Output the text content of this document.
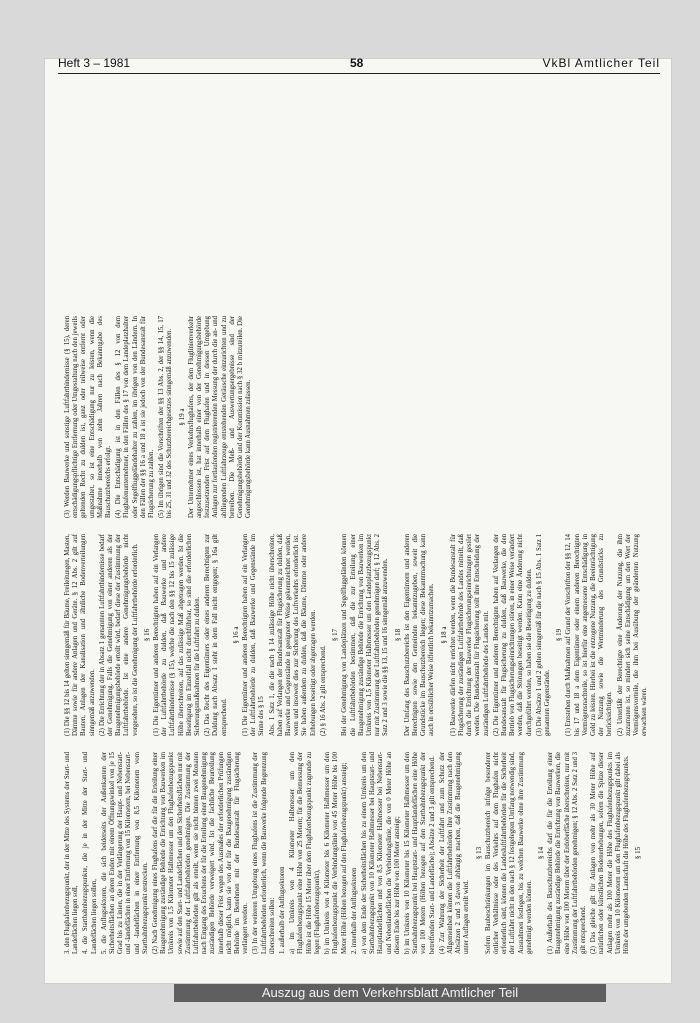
Heft 3 – 1981	58	VkBl Amtlicher Teil

3. den Flughafenbezugspunkt, der in der Mitte des Systems der Start- und Landeflächen liegen soll, 4. die Startbahnbezugspunkte, die je in der Mitte der Start- und Landeflächen liegen sollen, 5. die Anflugsektoren, die sich beiderseits der Außenkanten der Sicherheitsflächen an deren Enden mit einem Öffnungswinkel von je 15 Grad bis zu Linien, die in der Verlängerung der Haupt- und Nebenstart- und -landeflächen in einer Entfernung von 15 Kilometern, bei Nebenstart- und -landeflächen in einer Entfernung von 8,5 Kilometern vom Startbahnbezugspunkt erstrecken. (2) Nach Genehmigung eines Flughafens darf die für die Erteilung einer Baugenehmigung zuständige Behörde die Errichtung von Bauwerken im Umkreis von 1,5 Kilometer Halbmesser um den Flughafenbezugspunkt sowie auf den Start- und Landeflächen und den Sicherheitsflächen nur mit Zustimmung der Luftfahrtbehörden genehmigen. Die Zustimmung der Luftfahrtbehörden gilt als erteilt, wenn sie nicht binnen zwei Monaten nach Eingang des Ersuchens der für die Erteilung einer Baugenehmigung zuständigen Behörde verweigert wird. Ist die fachliche Beurteilung innerhalb dieser Frist wegen des Ausmaßes der erforderlichen Prüfungen nicht möglich, kann sie von der für die Baugenehmigung zuständigen Behörde im Benehmen mit der Bundesanstalt für Flugsicherung verlängert werden. (3) In der weiteren Umgebung eines Flughafens ist die Zustimmung der Luftfahrtbehörden erforderlich, wenn die Bauwerke folgende Begrenzung überschreiten sollen: 1. außerhalb der Anflugsektoren a) im Umkreis von 4 Kilometer Halbmesser um den Flughafenbezugspunkt eine Höhe von 25 Metern; für die Bemessung der Höhe ist die Höhe 15 Meter über dem Flughafenbezugspunkt zugrunde zu legen (Flughafenbezugspunkt), b) im Umkreis von 4 Kilometer bis 6 Kilometer Halbmesser um den Flughafenbezugspunkt die Verbindungslinie von 45 Meter Höhe bis 100 Meter Höhe (Höhen bezogen auf den Flughafenbezugspunkt) ansteigt; 2. innerhalb der Anflugsektoren a) von dem Ende der Sicherheitsflächen bis zu einem Umkreis um den Startbahnbezugspunkt von 10 Kilometer Halbmesser bei Hauptstart- und Hauptlandeflächen und von 8,5 Kilometer Halbmesser bei Nebenstart- und Nebenlandeflächen die Verbindungslinie, die von 0 Meter Höhe an diesem Ende bis zur Höhe von 100 Meter ansteigt; b) im Umkreis von 10 Kilometer bis 15 Kilometer Halbmesser um den Startbahnbezugspunkt bei Hauptstart- und Hauptlandeflächen eine Höhe von 100 Metern (Höhen bezogen auf den Startbahnbezugspunkt der betreffenden Start- und Landefläche); Absätze 2 und 3 gilt entsprechend. (4) Zur Wahrung der Sicherheit der Luftfahrt und zum Schutz der Allgemeinheit können die Luftfahrtbehörden ihre Zustimmung nach den Absätzen 2 und 3 davon abhängig machen, daß die Baugenehmigung unter Auflagen erteilt wird.

§ 13 Sofern Baubeschränkungen im Bauschutzbereich infolge besonderer örtlicher Verhältnisse oder des Verkehrs auf dem Flughafen nicht erforderlich sind, können die Landesluftfahrtbehörden für die Sicherheit der Luftfahrt nicht in den nach § 12 festgelegten Umfang notwendig sind, Ausnahmen festlegen, bis zu welchen Bauwerke ohne ihre Zustimmung genehmigt werden können.

§ 14 (1) Außerhalb des Bauschutzbereichs darf die für die Erteilung einer Baugenehmigung zuständige Behörde die Errichtung von Bauwerken, die eine Höhe von 100 Metern über der Erdoberfläche überschreiten, nur mit Zustimmung der Luftfahrtbehörden genehmigen; § 12 Abs. 2 Satz 2 und 3 gilt entsprechend. (2) Das gleiche gilt für Anlagen von mehr als 30 Meter Höhe auf natürlichen oder künstlichen Bodenerhebungen, sofern die Spitze dieser Anlagen mehr als 100 Meter die Höhe des Flughafenbezugspunkts im Umkreis von 10 Kilometern um den Flughafenbezugspunkt gilt dabei als Höhe der umgebenden Landschaft die Höhe des Flughafenbezugspunkts. § 15

(1) Die §§ 12 bis 14 gelten sinngemäß für Bäume, Freileitungen, Masten, Dämme sowie für andere Anlagen und Geräte. § 12 Abs. 2 gilt auf Bauten, Anlagen der Kanalisation und ähnliche Bodenverteilungen sinngemäß anzuwenden. (2) Die Errichtung der in Absatz 1 genannten Luftfahrthindernisse bedarf der Genehmigung. Falls die Genehmigung von einer anderen als der Baugenehmigungsbehörde erteilt wird, bedarf diese der Zustimmung der Luftfahrtbehörde. Ist eine andere Genehmigungsbehörde nicht vorgesehen, so ist die Genehmigung der Luftfahrtbehörde erforderlich. § 16 (1) Die Eigentümer und anderen Berechtigten haben auf ein Verlangen der Luftfahrtbehörde zu dulden, daß Bauwerke und andere Luftfahrthindernisse (§ 15), welche die nach den §§ 12 bis 15 zulässige Höhe überschreiten, auf das zulässige Maß abgetragen werden. Ist die Beseitigung im Einzelfall nicht durchführbar, so sind die erforderlichen Sicherungsmaßnahmen für die Luftfahrt zu dulden. (2) Das Recht des Eigentümers oder eines anderen Berechtigten zur Duldung nach Absatz 1 steht in dem Fall nicht entgegen; § 16a gilt entsprechend.

§ 16 a (1) Die Eigentümer und anderen Berechtigten haben auf ein Verlangen der Luftfahrtbehörde zu dulden, daß Bauwerke und Gegenstände im Sinne des § 15 Abs. 1 Satz 1, die die nach § 14 zulässige Höhe nicht überschreiten, haben auf Verlangen der Bundesanstalt für Flugsicherung zu dulden, daß Bauwerke und Gegenstände in geeigneter Weise gekennzeichnet werden, wenn und insoweit dies zur Sicherung des Luftverkehrs erforderlich ist. Sie haben außerdem zu dulden, daß die Bäume, Dämme oder andere Erhebungen beseitigt oder abgetragen werden. (2) § 16 Abs. 2 gilt entsprechend.

§ 17 Bei der Genehmigung von Landeplätzen und Segelfluggeländen können die Luftfahrtbehörden bestimmen, daß die zur Erteilung einer Baugenehmigung zuständige Behörde die Errichtung von Bauwerken im Umkreis von 1,5 Kilometer Halbmesser um den Landeplatzbezugspunkt nur mit Zustimmung der Luftfahrtbehörden genehmigen darf; § 12 Abs. 2 Satz 2 und 3 sowie die §§ 13, 15 und 16 sinngemäß anzuwenden. § 18 Der Umfang des Bauschutzbereichs ist den Eigentümern und anderen Berechtigten sowie den Gemeinden bekanntzugeben, soweit die Grundstücke im Bauschutzbereich liegen; diese Bekanntmachung kann auch in ortsüblicher Weise öffentlich bekanntzumachen. § 18 a (1) Bauwerke dürfen nicht errichtet werden, wenn die Bundesanstalt für Flugsicherung der zuständigen Luftfahrtbehörde des Landes mitteilt, daß durch die Errichtung der Bauwerke Flugsicherungseinrichtungen gestört werden. Die Bundesanstalt für Flugsicherung teilt ihre Entscheidung der zuständigen Luftfahrtbehörde des Landes mit. (2) Die Eigentümer und anderen Berechtigten haben auf Verlangen der Bundesanstalt für Flugsicherung zu dulden, daß Bauwerke, die den Betrieb von Flugsicherungseinrichtungen stören, in einer Weise verändert werden, daß die Störungen beseitigt werden. Kann eine Änderung nicht durchgeführt werden, so haben sie die Beseitigung zu dulden. (3) Die Absätze 1 und 2 gelten sinngemäß für die nach § 15 Abs. 1 Satz 1 genannten Gegenstände.

§ 19 (1) Entstehen durch Maßnahmen auf Grund der Vorschriften der §§ 12, 14 bis 17 und 18 a dem Eigentümer oder einem anderen Berechtigten Vermögensnachteile, so ist hierfür eine angemessene Entschädigung in Geld zu leisten. Hierbei ist die entzogene Nutzung, die Beeinträchtigung der Nutzung sowie die Wertminderung des Grundstücks zu berücksichtigen. (2) Unterläßt der Berechtigte eine Änderung der Nutzung, die ihm zuzumuten ist, so mindert sich seine Entschädigung um den Wert der Vermögensvorteile, die ihm bei Ausübung der geänderten Nutzung erwachsen wären.

(3) Werden Bauwerke und sonstige Luftfahrthindernisse (§ 15), deren entschädigungspflichtige Entfernung oder Umgestaltung nach den jeweils geltenden Recht zu dulden ist, ganz oder teilweise entfernt oder umgestaltet, so ist eine Entschädigung nur zu leisten, wenn die Maßnahme innerhalb von zehn Jahren nach Bekanntgabe des Bauschutzbereichs erfolgt. (4) Die Entschädigung ist in den Fällen des § 12 von dem Flughafenunternehmer, in den Fällen des § 17 von dem Landeplatzhalter oder Segelfluggeländehalter zu zahlen, im übrigen von den Ländern. In den Fällen der §§ 16 a und 18 a ist sie jedoch von der Bundesanstalt für Flugsicherung zu zahlen. (5) Im übrigen sind die Vorschriften der §§ 13 Abs. 2, der §§ 14, 15, 17 bis 25, 31 und 32 des Schutzbereichgesetzes sinngemäß anzuwenden. § 19 a Der Unternehmer eines Verkehrsflughafens, der dem Fluglinienverkehr angeschlossen ist, hat innerhalb einer von der Genehmigungsbehörde festzusetzenden Frist auf dem Flughafen und in dessen Umgebung Anlagen zur fortlaufenden registrierenden Messung der durch die an- und abfliegenden Luftfahrzeuge entstehenden Geräusche einzurichten und zu betreiben. Die Meß- und Auswertungsergebnisse sind der Genehmigungsbehörde und der Kommission nach § 32 b mitzuteilen. Die Genehmigungsbehörde kann Ausnahmen zulassen.

Auszug aus dem Verkehrsblatt Amtlicher Teil
